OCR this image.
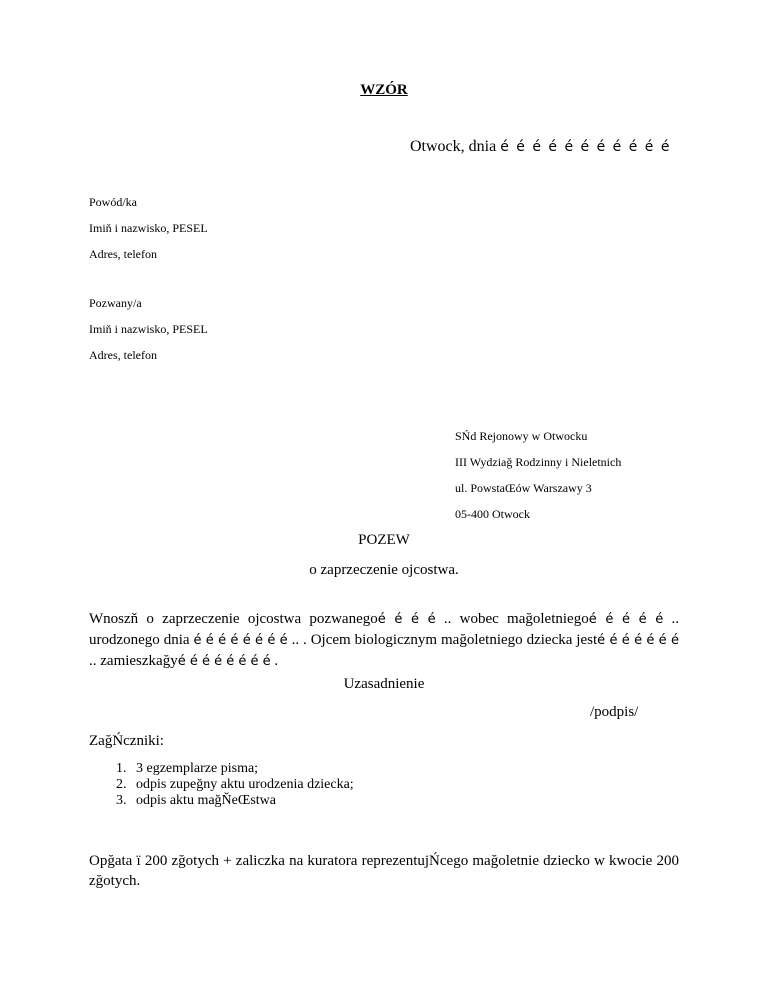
WZÓR
Otwock, dnia é é é é é é é é é é é
Powód/ka
Imiň i nazwisko, PESEL
Adres, telefon
Pozwany/a
Imiň i nazwisko, PESEL
Adres, telefon
SŃd Rejonowy w Otwocku
III Wydziağ Rodzinny i Nieletnich
ul. PowstaŒów Warszawy 3
05-400 Otwock
POZEW
o zaprzeczenie ojcostwa.
Wnoszň o zaprzeczenie ojcostwa pozwanegoé é é é .. wobec mağoletniegoé é é é é .. urodzonego dnia é é é é é é é é .. . Ojcem biologicznym mağoletniego dziecka jesté é é é é é é .. zamieszkağyé é é é é é é é .
Uzasadnienie
/podpis/
ZağŃczniki:
1. 3 egzemplarze pisma;
2. odpis zupeğny aktu urodzenia dziecka;
3. odpis aktu mağŇeŒstwa
Opğata ï 200 zğotych + zaliczka na kuratora reprezentujŃcego mağoletnie dziecko w kwocie 200 zğotych.
